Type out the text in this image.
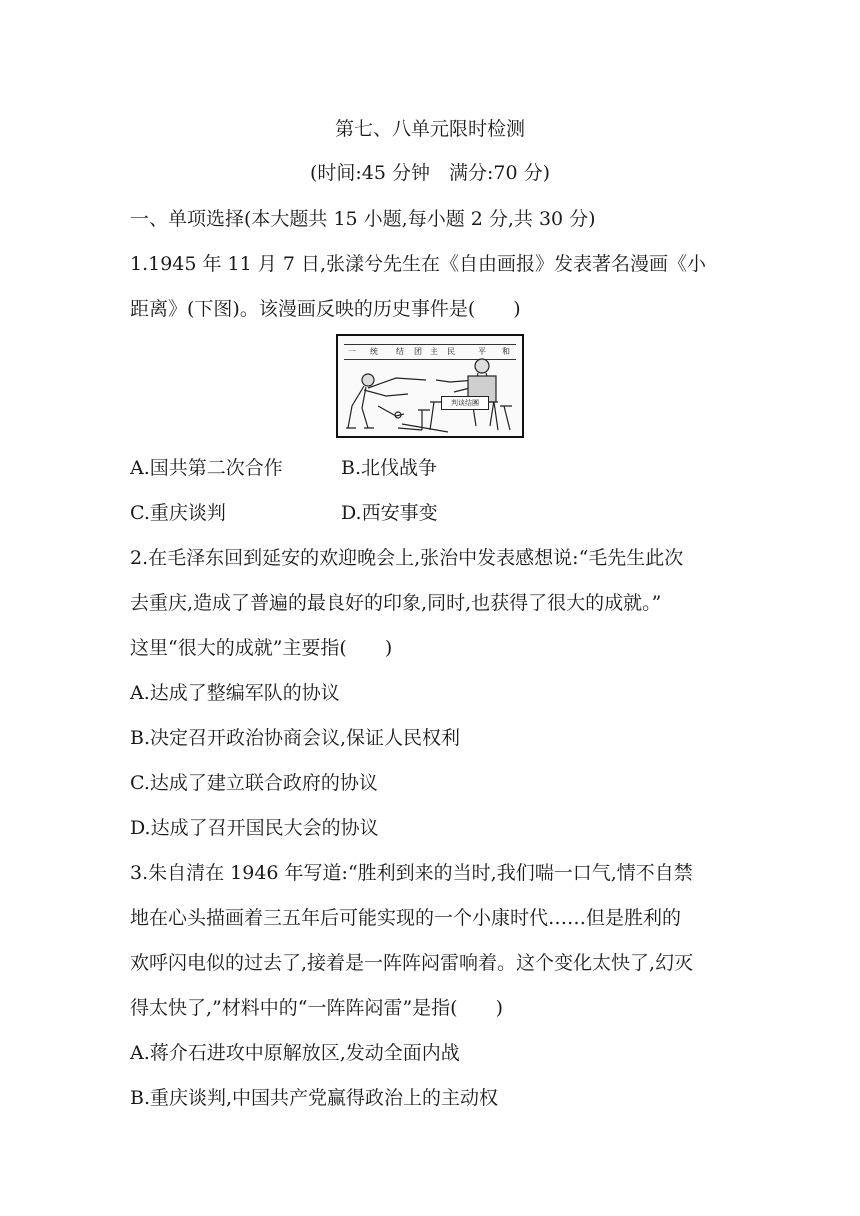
第七、八单元限时检测

(时间:45 分钟　满分:70 分)

一、单项选择(本大题共 15 小题,每小题 2 分,共 30 分)

1.1945 年 11 月 7 日,张漾兮先生在《自由画报》发表著名漫画《小

距离》(下图)。该漫画反映的历史事件是(　　)

一 统 结 团 主 民	平 和
判谈结團

A.国共第二次合作	B.北伐战争

C.重庆谈判	D.西安事变

2.在毛泽东回到延安的欢迎晚会上,张治中发表感想说:“毛先生此次

去重庆,造成了普遍的最良好的印象,同时,也获得了很大的成就。”

这里“很大的成就”主要指(　　)

A.达成了整编军队的协议

B.决定召开政治协商会议,保证人民权利

C.达成了建立联合政府的协议

D.达成了召开国民大会的协议

3.朱自清在 1946 年写道:“胜利到来的当时,我们喘一口气,情不自禁

地在心头描画着三五年后可能实现的一个小康时代……但是胜利的

欢呼闪电似的过去了,接着是一阵阵闷雷响着。这个变化太快了,幻灭

得太快了,”材料中的“一阵阵闷雷”是指(　　)

A.蒋介石进攻中原解放区,发动全面内战

B.重庆谈判,中国共产党赢得政治上的主动权
